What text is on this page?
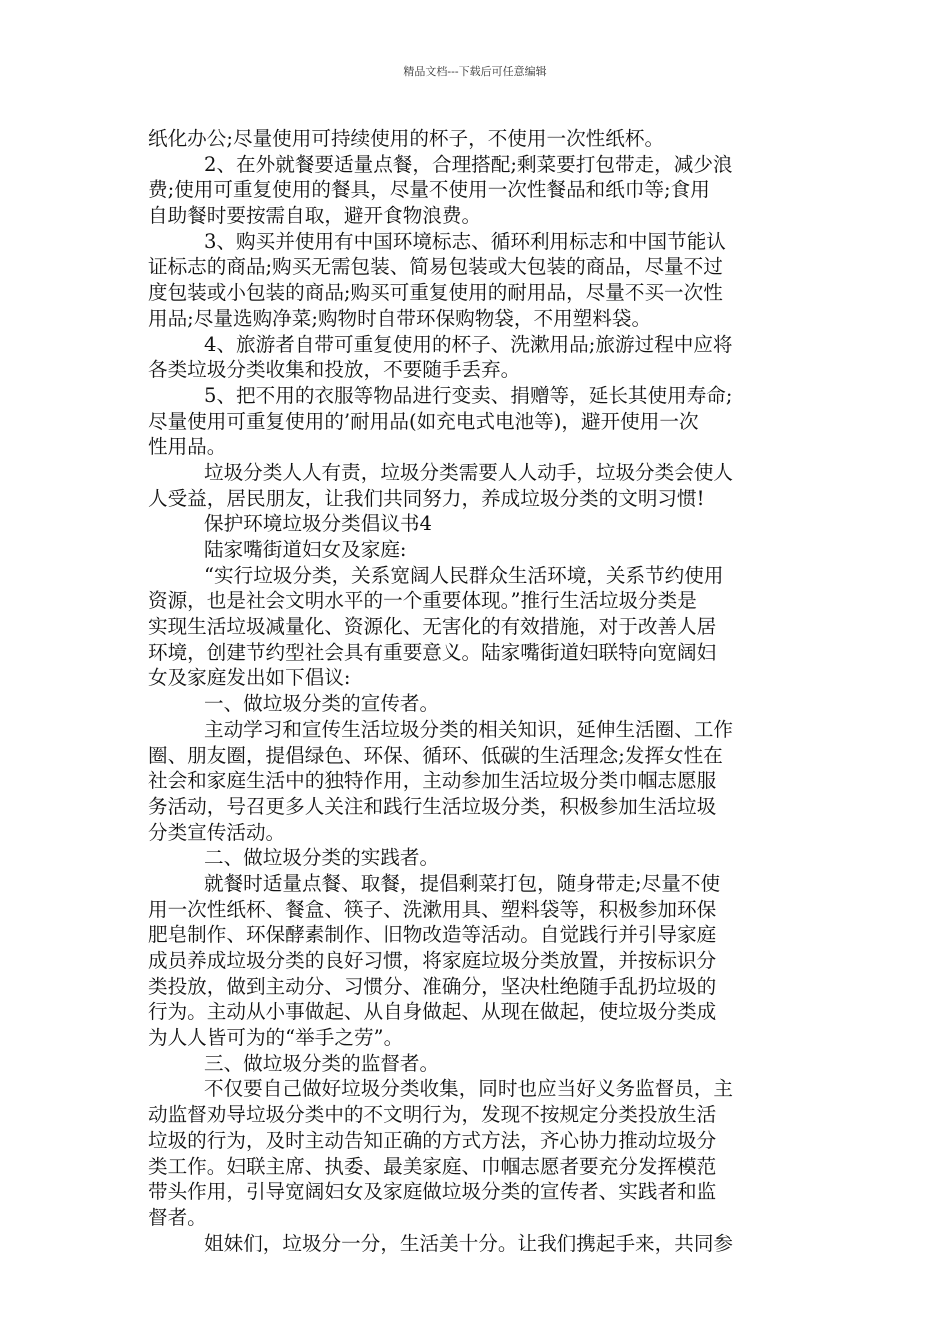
精品文档---下载后可任意编辑
纸化办公;尽量使用可持续使用的杯子，不使用一次性纸杯。
2、在外就餐要适量点餐，合理搭配;剩菜要打包带走，减少浪
费;使用可重复使用的餐具，尽量不使用一次性餐品和纸巾等;食用
自助餐时要按需自取，避开食物浪费。
3、购买并使用有中国环境标志、循环利用标志和中国节能认
证标志的商品;购买无需包装、简易包装或大包装的商品，尽量不过
度包装或小包装的商品;购买可重复使用的耐用品，尽量不买一次性
用品;尽量选购净菜;购物时自带环保购物袋，不用塑料袋。
4、旅游者自带可重复使用的杯子、洗漱用品;旅游过程中应将
各类垃圾分类收集和投放，不要随手丢弃。
5、把不用的衣服等物品进行变卖、捐赠等，延长其使用寿命;
尽量使用可重复使用的’耐用品(如充电式电池等)，避开使用一次
性用品。
垃圾分类人人有责，垃圾分类需要人人动手，垃圾分类会使人
人受益，居民朋友，让我们共同努力，养成垃圾分类的文明习惯!
保护环境垃圾分类倡议书4
陆家嘴街道妇女及家庭:
“实行垃圾分类，关系宽阔人民群众生活环境，关系节约使用
资源，也是社会文明水平的一个重要体现。”推行生活垃圾分类是
实现生活垃圾减量化、资源化、无害化的有效措施，对于改善人居
环境，创建节约型社会具有重要意义。陆家嘴街道妇联特向宽阔妇
女及家庭发出如下倡议:
一、做垃圾分类的宣传者。
主动学习和宣传生活垃圾分类的相关知识，延伸生活圈、工作
圈、朋友圈，提倡绿色、环保、循环、低碳的生活理念;发挥女性在
社会和家庭生活中的独特作用，主动参加生活垃圾分类巾帼志愿服
务活动，号召更多人关注和践行生活垃圾分类，积极参加生活垃圾
分类宣传活动。
二、做垃圾分类的实践者。
就餐时适量点餐、取餐，提倡剩菜打包，随身带走;尽量不使
用一次性纸杯、餐盒、筷子、洗漱用具、塑料袋等，积极参加环保
肥皂制作、环保酵素制作、旧物改造等活动。自觉践行并引导家庭
成员养成垃圾分类的良好习惯，将家庭垃圾分类放置，并按标识分
类投放，做到主动分、习惯分、准确分，坚决杜绝随手乱扔垃圾的
行为。主动从小事做起、从自身做起、从现在做起，使垃圾分类成
为人人皆可为的“举手之劳”。
三、做垃圾分类的监督者。
不仅要自己做好垃圾分类收集，同时也应当好义务监督员，主
动监督劝导垃圾分类中的不文明行为，发现不按规定分类投放生活
垃圾的行为，及时主动告知正确的方式方法，齐心协力推动垃圾分
类工作。妇联主席、执委、最美家庭、巾帼志愿者要充分发挥模范
带头作用，引导宽阔妇女及家庭做垃圾分类的宣传者、实践者和监
督者。
姐妹们，垃圾分一分，生活美十分。让我们携起手来，共同参
